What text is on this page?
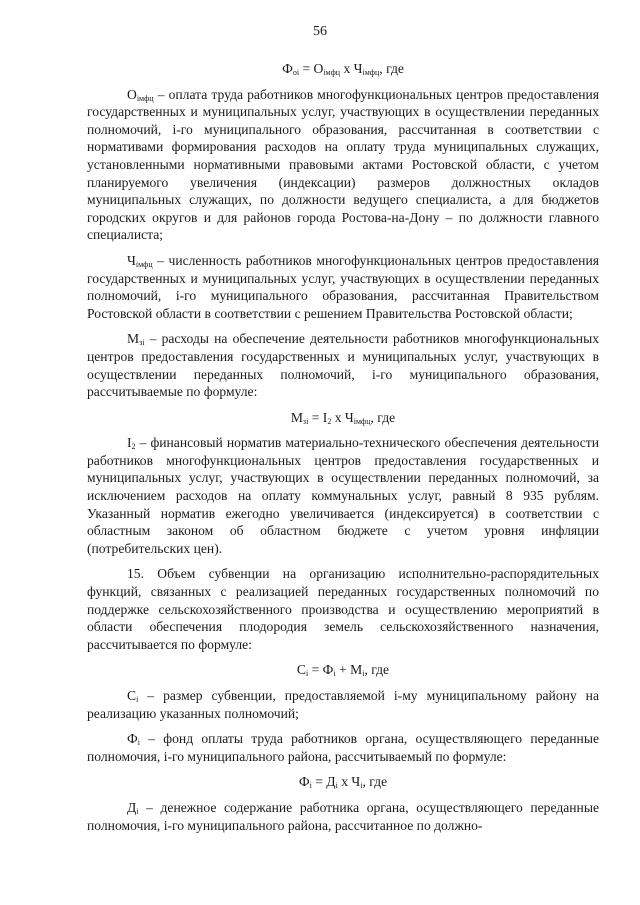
56
$Ф_{оi} = О_{iмфц}$ х $Ч_{iмфц}$, где
$О_{iмфц}$ – оплата труда работников многофункциональных центров предоставления государственных и муниципальных услуг, участвующих в осуществлении переданных полномочий, i-го муниципального образования, рассчитанная в соответствии с нормативами формирования расходов на оплату труда муниципальных служащих, установленными нормативными правовыми актами Ростовской области, с учетом планируемого увеличения (индексации) размеров должностных окладов муниципальных служащих, по должности ведущего специалиста, а для бюджетов городских округов и для районов города Ростова-на-Дону – по должности главного специалиста;
$Ч_{iмфц}$ – численность работников многофункциональных центров предоставления государственных и муниципальных услуг, участвующих в осуществлении переданных полномочий, i-го муниципального образования, рассчитанная Правительством Ростовской области в соответствии с решением Правительства Ростовской области;
$М_{зi}$ – расходы на обеспечение деятельности работников многофункциональных центров предоставления государственных и муниципальных услуг, участвующих в осуществлении переданных полномочий, i-го муниципального образования, рассчитываемые по формуле:
$М_{зi} = I_2$ х $Ч_{iмфц}$, где
$I_2$ – финансовый норматив материально-технического обеспечения деятельности работников многофункциональных центров предоставления государственных и муниципальных услуг, участвующих в осуществлении переданных полномочий, за исключением расходов на оплату коммунальных услуг, равный 8 935 рублям. Указанный норматив ежегодно увеличивается (индексируется) в соответствии с областным законом об областном бюджете с учетом уровня инфляции (потребительских цен).
15. Объем субвенции на организацию исполнительно-распорядительных функций, связанных с реализацией переданных государственных полномочий по поддержке сельскохозяйственного производства и осуществлению мероприятий в области обеспечения плодородия земель сельскохозяйственного назначения, рассчитывается по формуле:
$С_i = Ф_i + М_i$, где
$С_i$ – размер субвенции, предоставляемой i-му муниципальному району на реализацию указанных полномочий;
$Ф_i$ – фонд оплаты труда работников органа, осуществляющего переданные полномочия, i-го муниципального района, рассчитываемый по формуле:
$Ф_i = Д_i$ х $Ч_i$, где
$Д_i$ – денежное содержание работника органа, осуществляющего переданные полномочия, i-го муниципального района, рассчитанное по должно-
